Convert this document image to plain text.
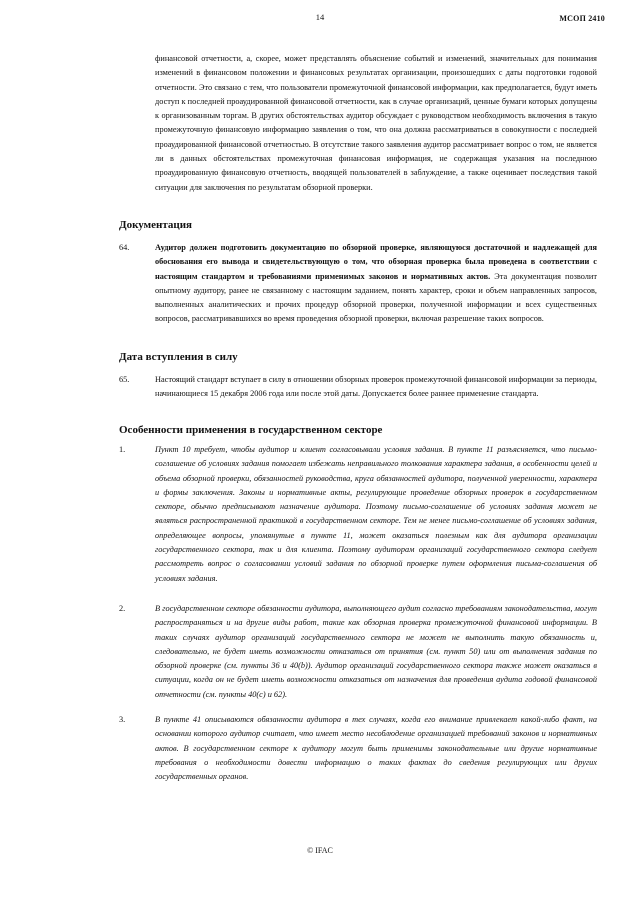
14	МСОП 2410
финансовой отчетности, а, скорее, может представлять объяснение событий и изменений, значительных для понимания изменений в финансовом положении и финансовых результатах организации, произошедших с даты подготовки годовой отчетности. Это связано с тем, что пользователи промежуточной финансовой информации, как предполагается, будут иметь доступ к последней проаудированной финансовой отчетности, как в случае организаций, ценные бумаги которых допущены к организованным торгам. В других обстоятельствах аудитор обсуждает с руководством необходимость включения в такую промежуточную финансовую информацию заявления о том, что она должна рассматриваться в совокупности с последней проаудированной финансовой отчетностью. В отсутствие такого заявления аудитор рассматривает вопрос о том, не является ли в данных обстоятельствах промежуточная финансовая информация, не содержащая указания на последнюю проаудированную финансовую отчетность, вводящей пользователей в заблуждение, а также оценивает последствия такой ситуации для заключения по результатам обзорной проверки.
Документация
64.	Аудитор должен подготовить документацию по обзорной проверке, являющуюся достаточной и надлежащей для обоснования его вывода и свидетельствующую о том, что обзорная проверка была проведена в соответствии с настоящим стандартом и требованиями применимых законов и нормативных актов. Эта документация позволит опытному аудитору, ранее не связанному с настоящим заданием, понять характер, сроки и объем направленных запросов, выполненных аналитических и прочих процедур обзорной проверки, полученной информации и всех существенных вопросов, рассматривавшихся во время проведения обзорной проверки, включая разрешение таких вопросов.
Дата вступления в силу
65.	Настоящий стандарт вступает в силу в отношении обзорных проверок промежуточной финансовой информации за периоды, начинающиеся 15 декабря 2006 года или после этой даты. Допускается более раннее применение стандарта.
Особенности применения в государственном секторе
1.	Пункт 10 требует, чтобы аудитор и клиент согласовывали условия задания. В пункте 11 разъясняется, что письмо-соглашение об условиях задания помогает избежать неправильного толкования характера задания, в особенности целей и объема обзорной проверки, обязанностей руководства, круга обязанностей аудитора, полученной уверенности, характера и формы заключения. Законы и нормативные акты, регулирующие проведение обзорных проверок в государственном секторе, обычно предписывают назначение аудитора. Поэтому письмо-соглашение об условиях задания может не являться распространенной практикой в государственном секторе. Тем не менее письмо-соглашение об условиях задания, определяющее вопросы, упомянутые в пункте 11, может оказаться полезным как для аудитора организации государственного сектора, так и для клиента. Поэтому аудиторам организаций государственного сектора следует рассмотреть вопрос о согласовании условий задания по обзорной проверке путем оформления письма-соглашения об условиях задания.
2.	В государственном секторе обязанности аудитора, выполняющего аудит согласно требованиям законодательства, могут распространяться и на другие виды работ, такие как обзорная проверка промежуточной финансовой информации. В таких случаях аудитор организаций государственного сектора не может не выполнить такую обязанность и, следовательно, не будет иметь возможности отказаться от принятия (см. пункт 50) или от выполнения задания по обзорной проверке (см. пункты 36 и 40(b)). Аудитор организаций государственного сектора также может оказаться в ситуации, когда он не будет иметь возможности отказаться от назначения для проведения аудита годовой финансовой отчетности (см. пункты 40(c) и 62).
3.	В пункте 41 описываются обязанности аудитора в тех случаях, когда его внимание привлекает какой-либо факт, на основании которого аудитор считает, что имеет место несоблюдение организацией требований законов и нормативных актов. В государственном секторе к аудитору могут быть применимы законодательные или другие нормативные требования о необходимости довести информацию о таких фактах до сведения регулирующих или других государственных органов.
© IFAC
